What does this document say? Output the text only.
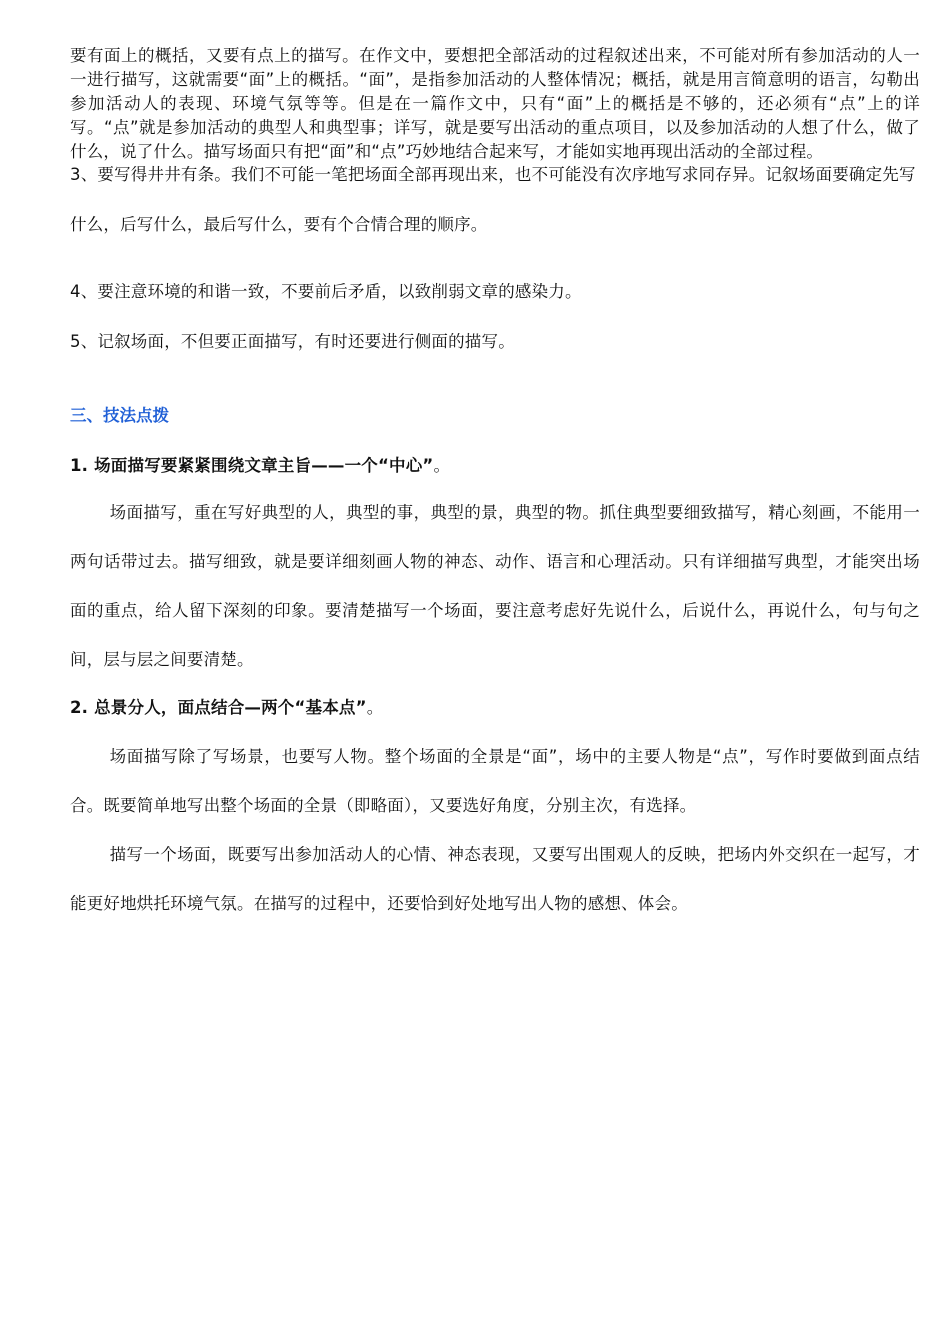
要有面上的概括，又要有点上的描写。在作文中，要想把全部活动的过程叙述出来，不可能对所有参加活动的人一一进行描写，这就需要“面”上的概括。“面”，是指参加活动的人整体情况；概括，就是用言简意明的语言，勾勒出参加活动人的表现、环境气氛等等。但是在一篇作文中，只有“面”上的概括是不够的，还必须有“点”上的详写。“点”就是参加活动的典型人和典型事；详写，就是要写出活动的重点项目，以及参加活动的人想了什么，做了什么，说了什么。描写场面只有把“面”和“点”巧妙地结合起来写，才能如实地再现出活动的全部过程。

3、要写得井井有条。我们不可能一笔把场面全部再现出来，也不可能没有次序地写求同存异。记叙场面要确定先写什么，后写什么，最后写什么，要有个合情合理的顺序。

4、要注意环境的和谐一致，不要前后矛盾，以致削弱文章的感染力。

5、记叙场面，不但要正面描写，有时还要进行侧面的描写。

三、技法点拨

1. 场面描写要紧紧围绕文章主旨——一个“中心”。

场面描写，重在写好典型的人，典型的事，典型的景，典型的物。抓住典型要细致描写，精心刻画，不能用一两句话带过去。描写细致，就是要详细刻画人物的神态、动作、语言和心理活动。只有详细描写典型，才能突出场面的重点，给人留下深刻的印象。要清楚描写一个场面，要注意考虑好先说什么，后说什么，再说什么，句与句之间，层与层之间要清楚。

2. 总景分人，面点结合—两个“基本点”。

场面描写除了写场景，也要写人物。整个场面的全景是“面”，场中的主要人物是“点”，写作时要做到面点结合。既要简单地写出整个场面的全景（即略面），又要选好角度，分别主次，有选择。

描写一个场面，既要写出参加活动人的心情、神态表现，又要写出围观人的反映，把场内外交织在一起写，才能更好地烘托环境气氛。在描写的过程中，还要恰到好处地写出人物的感想、体会。
